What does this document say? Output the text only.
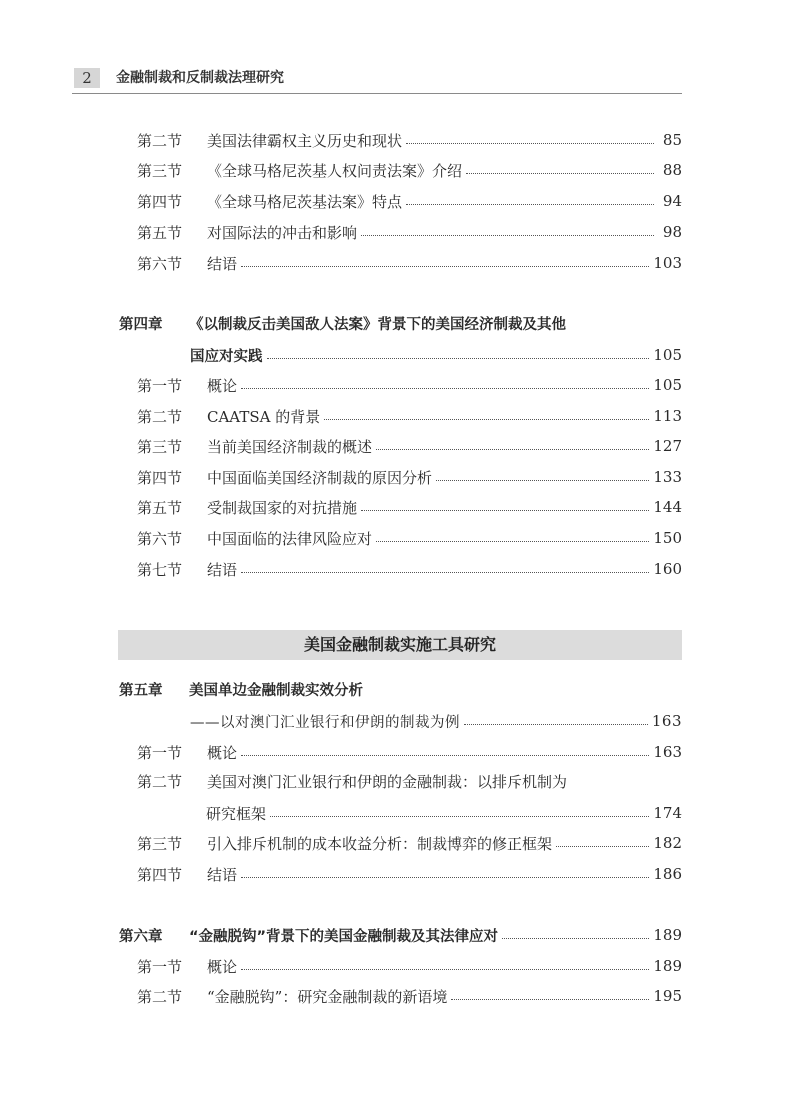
2	金融制裁和反制裁法理研究
第二节	美国法律霸权主义历史和现状	85
第三节	《全球马格尼茨基人权问责法案》介绍	88
第四节	《全球马格尼茨基法案》特点	94
第五节	对国际法的冲击和影响	98
第六节	结语	103
第四章 《以制裁反击美国敌人法案》背景下的美国经济制裁及其他
国应对实践	105
第一节	概论	105
第二节	CAATSA 的背景	113
第三节	当前美国经济制裁的概述	127
第四节	中国面临美国经济制裁的原因分析	133
第五节	受制裁国家的对抗措施	144
第六节	中国面临的法律风险应对	150
第七节	结语	160
美国金融制裁实施工具研究
第五章 美国单边金融制裁实效分析
——以对澳门汇业银行和伊朗的制裁为例	163
第一节	概论	163
第二节 美国对澳门汇业银行和伊朗的金融制裁：以排斥机制为
研究框架	174
第三节	引入排斥机制的成本收益分析：制裁博弈的修正框架	182
第四节	结语	186
第六章	“金融脱钩”背景下的美国金融制裁及其法律应对	189
第一节	概论	189
第二节	“金融脱钩”：研究金融制裁的新语境	195
